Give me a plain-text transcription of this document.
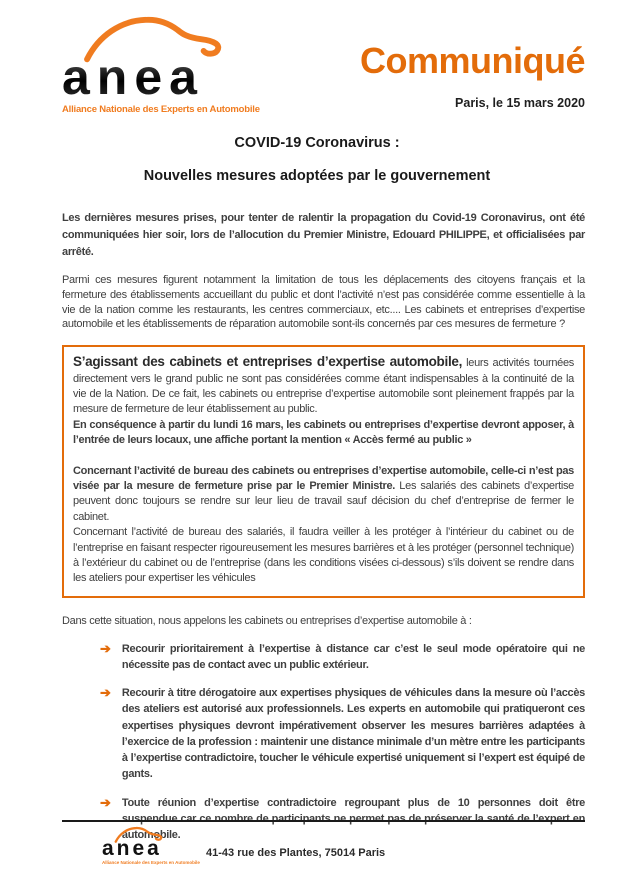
anea
Alliance Nationale des Experts en Automobile
Communiqué
Paris, le 15 mars 2020
COVID-19 Coronavirus :
Nouvelles mesures adoptées par le gouvernement

Les dernières mesures prises, pour tenter de ralentir la propagation du Covid-19 Coronavirus, ont été communiquées hier soir, lors de l’allocution du Premier Ministre, Edouard PHILIPPE, et officialisées par arrêté.

Parmi ces mesures figurent notamment la limitation de tous les déplacements des citoyens français et la fermeture des établissements accueillant du public et dont l’activité n’est pas considérée comme essentielle à la vie de la nation comme les restaurants, les centres commerciaux, etc.... Les cabinets et entreprises d’expertise automobile et les établissements de réparation automobile sont-ils concernés par ces mesures de fermeture ?

S’agissant des cabinets et entreprises d’expertise automobile, leurs activités tournées directement vers le grand public ne sont pas considérées comme étant indispensables à la continuité de la vie de la Nation. De ce fait, les cabinets ou entreprise d’expertise automobile sont pleinement frappés par la mesure de fermeture de leur établissement au public.

En conséquence à partir du lundi 16 mars, les cabinets ou entreprises d’expertise devront apposer, à l’entrée de leurs locaux, une affiche portant la mention « Accès fermé au public »

Concernant l’activité de bureau des cabinets ou entreprises d’expertise automobile, celle-ci n’est pas visée par la mesure de fermeture prise par le Premier Ministre. Les salariés des cabinets d’expertise peuvent donc toujours se rendre sur leur lieu de travail sauf décision du chef d’entreprise de fermer le cabinet.

Concernant l’activité de bureau des salariés, il faudra veiller à les protéger à l’intérieur du cabinet ou de l’entreprise en faisant respecter rigoureusement les mesures barrières et à les protéger (personnel technique) à l’extérieur du cabinet ou de l’entreprise (dans les conditions visées ci-dessous) s’ils doivent se rendre dans les ateliers pour expertiser les véhicules

Dans cette situation, nous appelons les cabinets ou entreprises d’expertise automobile à :

➔ Recourir prioritairement à l’expertise à distance car c’est le seul mode opératoire qui ne nécessite pas de contact avec un public extérieur.
➔ Recourir à titre dérogatoire aux expertises physiques de véhicules dans la mesure où l’accès des ateliers est autorisé aux professionnels. Les experts en automobile qui pratiqueront ces expertises physiques devront impérativement observer les mesures barrières adaptées à l’exercice de la profession : maintenir une distance minimale d’un mètre entre les participants à l’expertise contradictoire, toucher le véhicule expertisé uniquement si l’expert est équipé de gants.
➔ Toute réunion d’expertise contradictoire regroupant plus de 10 personnes doit être suspendue car ce nombre de participants ne permet pas de préserver la santé de l’expert en automobile.
anea
Alliance Nationale des Experts en Automobile
41-43 rue des Plantes, 75014 Paris
